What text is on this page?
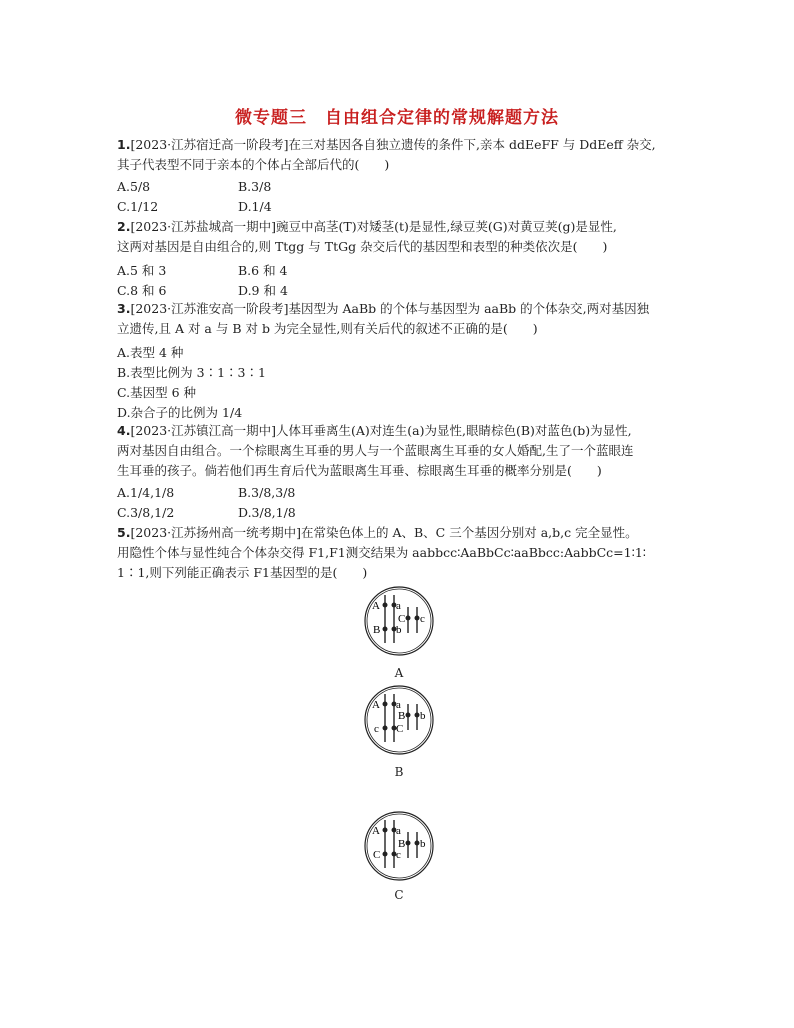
微专题三　自由组合定律的常规解题方法
1.[2023·江苏宿迁高一阶段考]在三对基因各自独立遗传的条件下,亲本 ddEeFF 与 DdEeff 杂交,
其子代表型不同于亲本的个体占全部后代的(　　)
A.5/8	B.3/8
C.1/12	D.1/4
2.[2023·江苏盐城高一期中]豌豆中高茎(T)对矮茎(t)是显性,绿豆荚(G)对黄豆荚(g)是显性,
这两对基因是自由组合的,则 Ttgg 与 TtGg 杂交后代的基因型和表型的种类依次是(　　)
A.5 和 3	B.6 和 4
C.8 和 6	D.9 和 4
3.[2023·江苏淮安高一阶段考]基因型为 AaBb 的个体与基因型为 aaBb 的个体杂交,两对基因独
立遗传,且 A 对 a 与 B 对 b 为完全显性,则有关后代的叙述不正确的是(　　)
A.表型 4 种
B.表型比例为 3∶1∶3∶1
C.基因型 6 种
D.杂合子的比例为 1/4
4.[2023·江苏镇江高一期中]人体耳垂离生(A)对连生(a)为显性,眼睛棕色(B)对蓝色(b)为显性,
两对基因自由组合。一个棕眼离生耳垂的男人与一个蓝眼离生耳垂的女人婚配,生了一个蓝眼连
生耳垂的孩子。倘若他们再生育后代为蓝眼离生耳垂、棕眼离生耳垂的概率分别是(　　)
A.1/4,1/8	B.3/8,3/8
C.3/8,1/2	D.3/8,1/8
5.[2023·江苏扬州高一统考期中]在常染色体上的 A、B、C 三个基因分别对 a,b,c 完全显性。
用隐性个体与显性纯合个体杂交得 F1,F1测交结果为 aabbcc∶AaBbCc∶aaBbcc:AabbCc=1∶1∶
1∶1,则下列能正确表示 F1基因型的是(　　)
A a
B b
C c
A
A a
c C
B b
B
A a
C c
B b
C
